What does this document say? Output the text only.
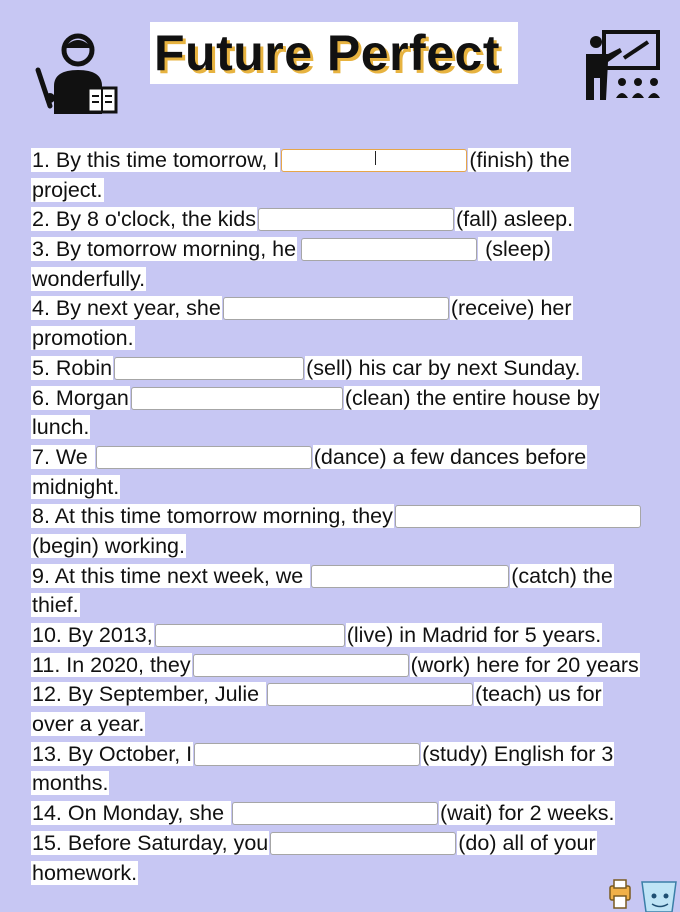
Future Perfect
1. By this time tomorrow, I	(finish) the
project.
2. By 8 o'clock, the kids	(fall) asleep.
3. By tomorrow morning, he	(sleep)
wonderfully.
4. By next year, she	(receive) her
promotion.
5. Robin	(sell) his car by next Sunday.
6. Morgan	(clean) the entire house by
lunch.
7. We	(dance) a few dances before
midnight.
8. At this time tomorrow morning, they
(begin) working.
9. At this time next week, we	(catch) the
thief.
10. By 2013,	(live) in Madrid for 5 years.
11. In 2020, they	(work) here for 20 years
12. By September, Julie	(teach) us for
over a year.
13. By October, I	(study) English for 3
months.
14. On Monday, she	(wait) for 2 weeks.
15. Before Saturday, you	(do) all of your
homework.
